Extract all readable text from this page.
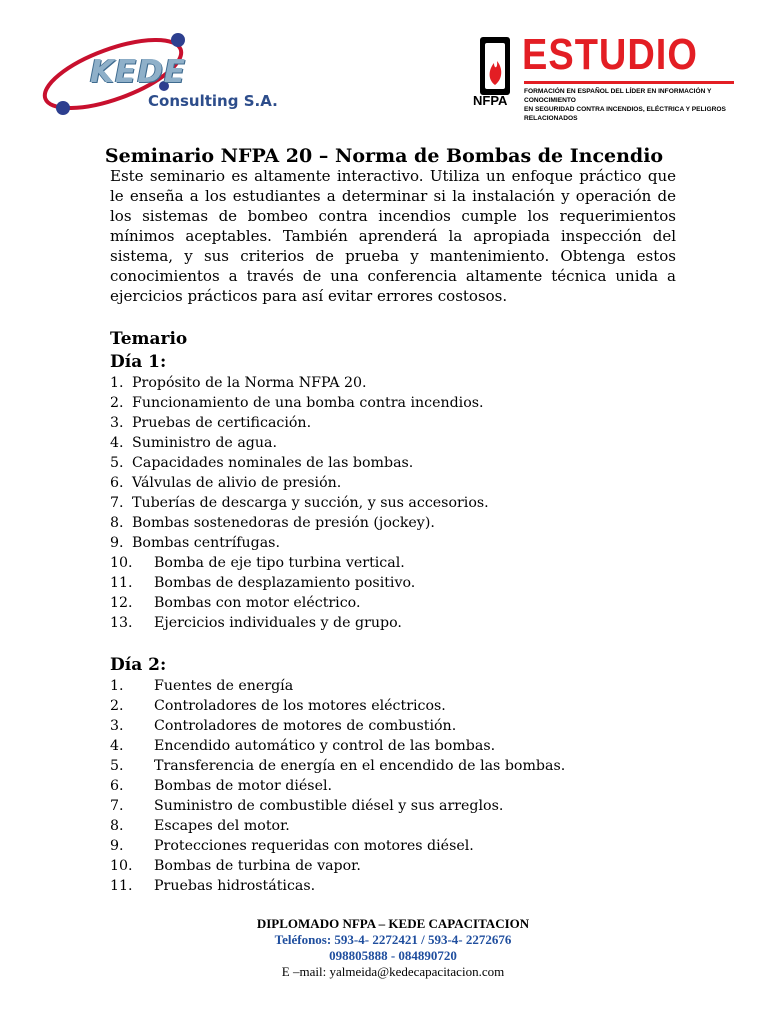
KEDE
Consulting S.A.	NFPA
ESTUDIO
FORMACIÓN EN ESPAÑOL DEL LÍDER EN INFORMACIÓN Y CONOCIMIENTO
EN SEGURIDAD CONTRA INCENDIOS, ELÉCTRICA Y PELIGROS RELACIONADOS
Seminario NFPA 20 – Norma de Bombas de Incendio
Este seminario es altamente interactivo. Utiliza un enfoque práctico que le enseña a los estudiantes a determinar si la instalación y operación de los sistemas de bombeo contra incendios cumple los requerimientos mínimos aceptables. También aprenderá la apropiada inspección del sistema, y sus criterios de prueba y mantenimiento. Obtenga estos conocimientos a través de una conferencia altamente técnica unida a ejercicios prácticos para así evitar errores costosos.
Temario
Día 1:
1. Propósito de la Norma NFPA 20.
2. Funcionamiento de una bomba contra incendios.
3. Pruebas de certificación.
4. Suministro de agua.
5. Capacidades nominales de las bombas.
6. Válvulas de alivio de presión.
7. Tuberías de descarga y succión, y sus accesorios.
8. Bombas sostenedoras de presión (jockey).
9. Bombas centrífugas.
10. Bomba de eje tipo turbina vertical.
11. Bombas de desplazamiento positivo.
12. Bombas con motor eléctrico.
13. Ejercicios individuales y de grupo.
Día 2:
1. Fuentes de energía
2. Controladores de los motores eléctricos.
3. Controladores de motores de combustión.
4. Encendido automático y control de las bombas.
5. Transferencia de energía en el encendido de las bombas.
6. Bombas de motor diésel.
7. Suministro de combustible diésel y sus arreglos.
8. Escapes del motor.
9. Protecciones requeridas con motores diésel.
10. Bombas de turbina de vapor.
11. Pruebas hidrostáticas.
DIPLOMADO NFPA – KEDE CAPACITACION
Teléfonos: 593-4- 2272421 / 593-4- 2272676
098805888 - 084890720
E –mail: yalmeida@kedecapacitacion.com
